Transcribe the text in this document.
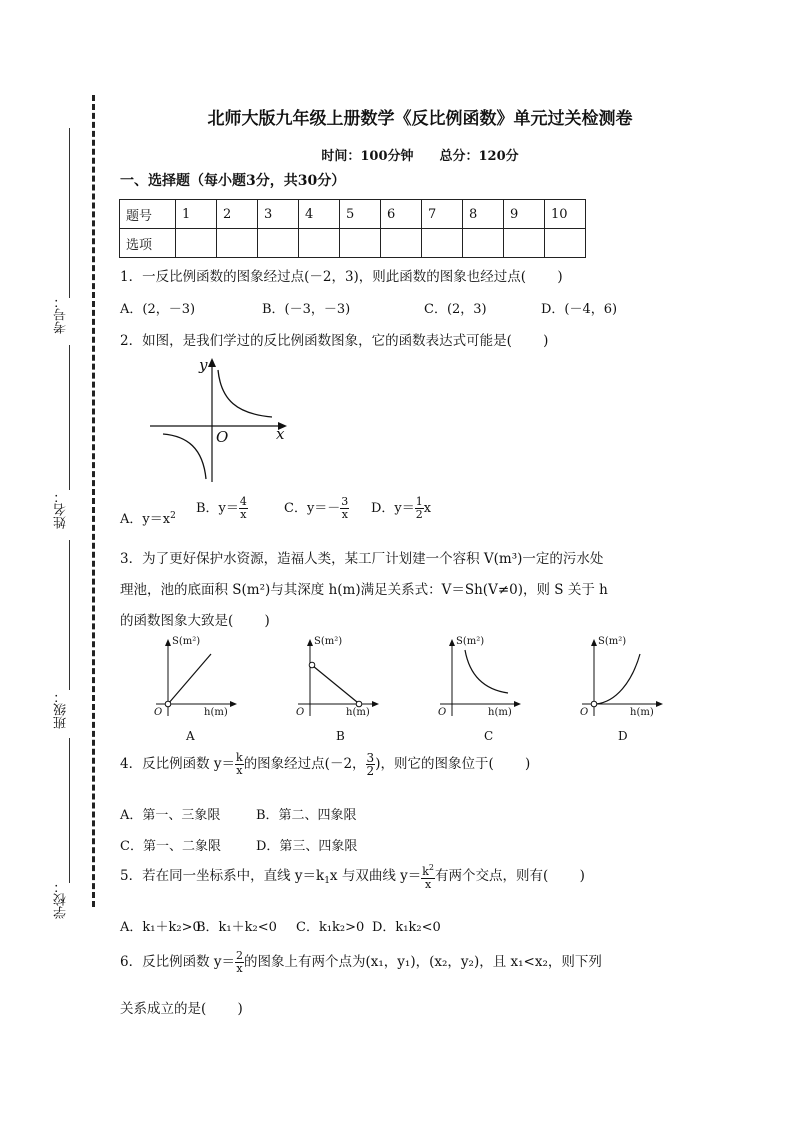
考号：
姓名：
班级：
学校：
北师大版九年级上册数学《反比例函数》单元过关检测卷
时间：100分钟　　总分：120分
一、选择题（每小题3分，共30分）
题号	1	2	3	4	5	6	7	8	9	10
选项										
1．一反比例函数的图象经过点(－2，3)，则此函数的图象也经过点(　　 )
A．(2，－3)	B．(－3，－3)	C．(2，3)	D．(－4，6)
2．如图，是我们学过的反比例函数图象，它的函数表达式可能是(　　 )
y
x
O
A．$y=x^2$ B．$y= \frac{4}{x}$	C．$y=- \frac{3}{x}$ D．$y= \frac{1}{2}$ x
3．为了更好保护水资源，造福人类，某工厂计划建一个容积 V(m³)一定的污水处
理池，池的底面积 S(m²)与其深度 h(m)满足关系式：V＝Sh(V≠0)，则 S 关于 h
的函数图象大致是(　　 )
S(m²)
h(m)
O
A
S(m²)
h(m)
O
B
S(m²)
h(m)
O
C
S(m²)
h(m)
O
D
4．反比例函数 $y= \frac{k}{x}$ 的图象经过点(－2， $\frac{3}{2}$ )，则它的图象位于(　　 )
A．第一、三象限	B．第二、四象限
C．第一、二象限	D．第三、四象限
5．若在同一坐标系中，直线 $y=k_1x$ 与双曲线 $y= \frac{k^2}{x}$ 有两个交点，则有(　　 )
A．k₁＋k₂>0
B．k₁＋k₂<0 C．k₁k₂>0 D．k₁k₂<0
6．反比例函数 $y= \frac{2}{x}$ 的图象上有两个点为(x₁，y₁)，(x₂，y₂)，且 x₁<x₂，则下列
关系成立的是(　　 )
